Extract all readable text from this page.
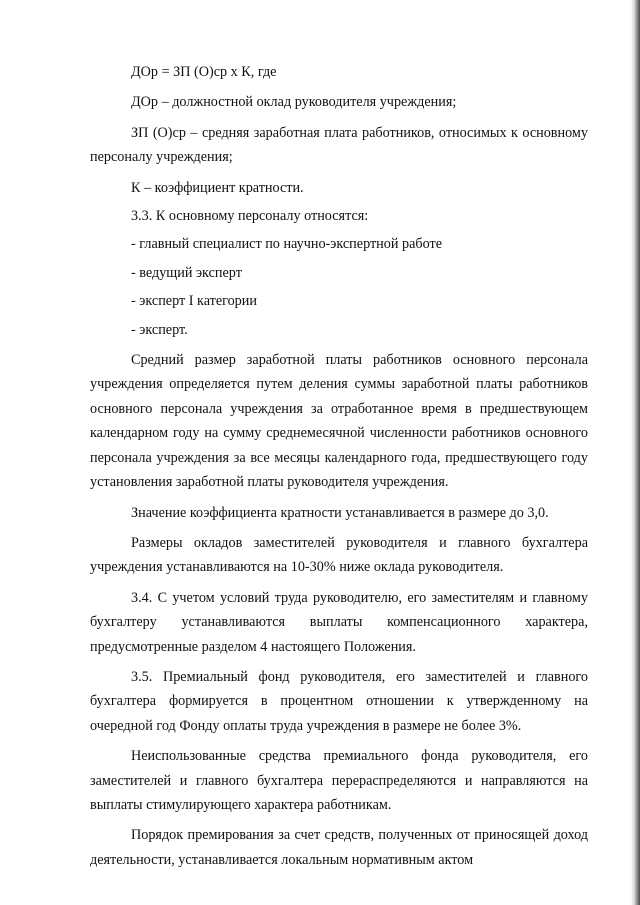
ДОр = ЗП (О)ср х К, где

ДОр – должностной оклад руководителя учреждения;

ЗП (О)ср – средняя заработная плата работников, относимых к основному персоналу учреждения;

К – коэффициент кратности.

3.3. К основному персоналу относятся:

- главный специалист по научно-экспертной работе

- ведущий эксперт

- эксперт I категории

- эксперт.

Средний размер заработной платы работников основного персонала учреждения определяется путем деления суммы заработной платы работников основного персонала учреждения за отработанное время в предшествующем календарном году на сумму среднемесячной численности работников основного персонала учреждения за все месяцы календарного года, предшествующего году установления заработной платы руководителя учреждения.

Значение коэффициента кратности устанавливается в размере до 3,0.

Размеры окладов заместителей руководителя и главного бухгалтера учреждения устанавливаются на 10-30% ниже оклада руководителя.

3.4. С учетом условий труда руководителю, его заместителям и главному бухгалтеру устанавливаются выплаты компенсационного характера, предусмотренные разделом 4 настоящего Положения.

3.5. Премиальный фонд руководителя, его заместителей и главного бухгалтера формируется в процентном отношении к утвержденному на очередной год Фонду оплаты труда учреждения в размере не более 3%.

Неиспользованные средства премиального фонда руководителя, его заместителей и главного бухгалтера перераспределяются и направляются на выплаты стимулирующего характера работникам.

Порядок премирования за счет средств, полученных от приносящей доход деятельности, устанавливается локальным нормативным актом
